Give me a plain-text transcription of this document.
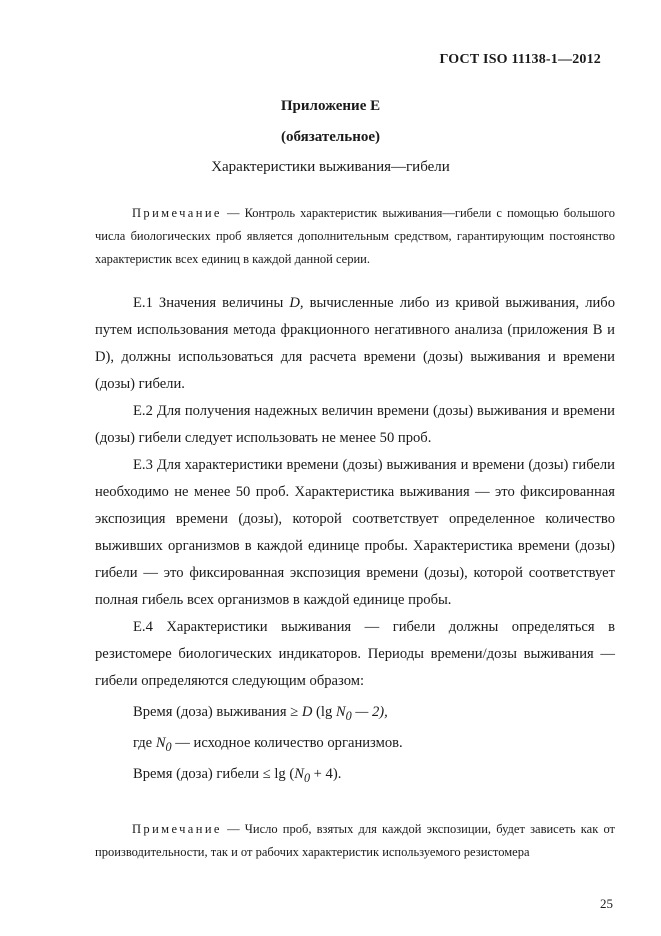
ГОСТ ISO 11138-1—2012
Приложение Е
(обязательное)
Характеристики выживания—гибели
Примечание — Контроль характеристик выживания—гибели с помощью большого числа биологических проб является дополнительным средством, гарантирующим постоянство характеристик всех единиц в каждой данной серии.

Е.1 Значения величины D, вычисленные либо из кривой выживания, либо путем использования метода фракционного негативного анализа (приложения В и D), должны использоваться для расчета времени (дозы) выживания и времени (дозы) гибели.

Е.2 Для получения надежных величин времени (дозы) выживания и времени (дозы) гибели следует использовать не менее 50 проб.

Е.3 Для характеристики времени (дозы) выживания и времени (дозы) гибели необходимо не менее 50 проб. Характеристика выживания — это фиксированная экспозиция времени (дозы), которой соответствует определенное количество выживших организмов в каждой единице пробы. Характеристика времени (дозы) гибели — это фиксированная экспозиция времени (дозы), которой соответствует полная гибель всех организмов в каждой единице пробы.

Е.4 Характеристики выживания — гибели должны определяться в резистомере биологических индикаторов. Периоды времени/дозы выживания — гибели определяются следующим образом:

Время (доза) выживания ≥ D (lg $N_0$ — 2),

где $N_0$ — исходное количество организмов.

Время (доза) гибели ≤ $\lg (N_0 + 4)$.

Примечание — Число проб, взятых для каждой экспозиции, будет зависеть как от производительности, так и от рабочих характеристик используемого резистомера
25
